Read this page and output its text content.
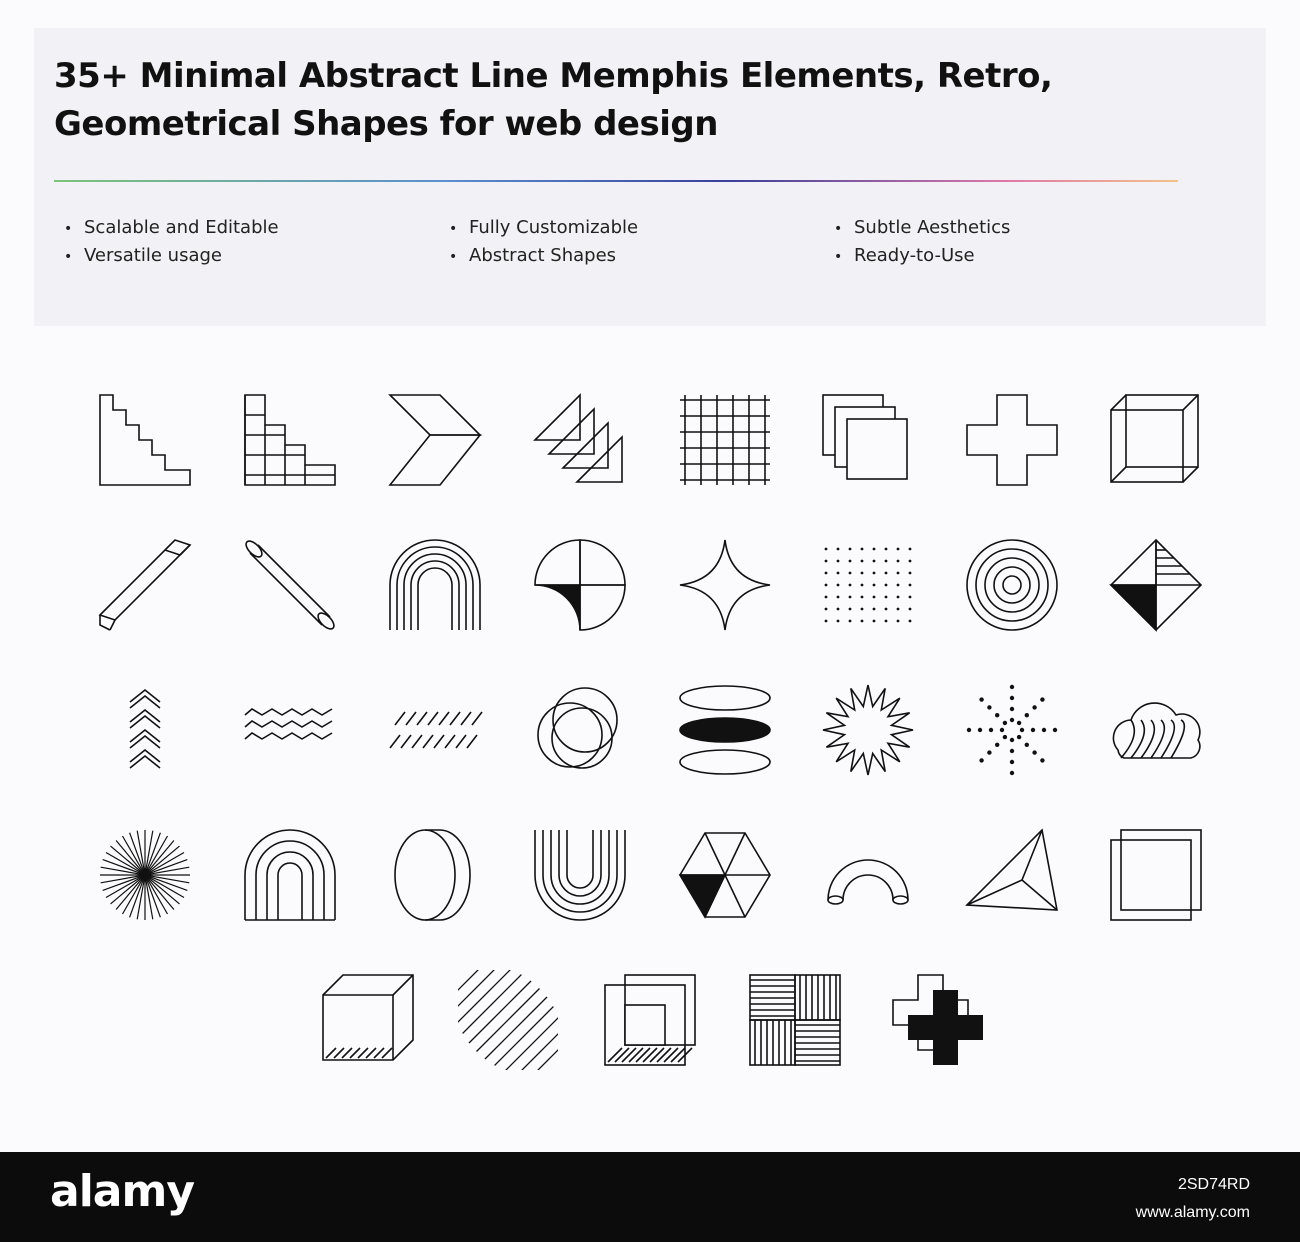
35+ Minimal Abstract Line Memphis Elements, Retro, Geometrical Shapes for web design
• Scalable and Editable	• Fully Customizable	• Subtle Aesthetics
• Versatile usage	• Abstract Shapes	• Ready-to-Use
alamy	2SD74RD
www.alamy.com
